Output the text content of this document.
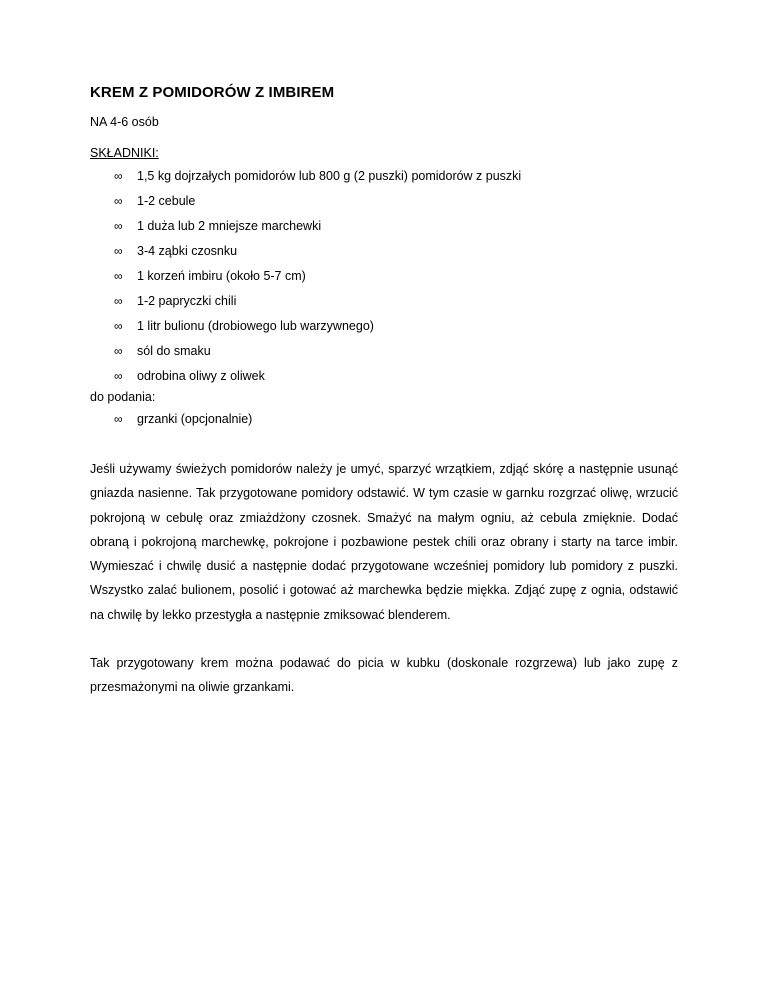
KREM Z POMIDORÓW Z IMBIREM
NA 4-6 osób
SKŁADNIKI:
∞ 1,5 kg dojrzałych pomidorów lub 800 g (2 puszki) pomidorów z puszki
∞ 1-2 cebule
∞ 1 duża lub 2 mniejsze marchewki
∞ 3-4 ząbki czosnku
∞ 1 korzeń imbiru (około 5-7 cm)
∞ 1-2 papryczki chili
∞ 1 litr bulionu (drobiowego lub warzywnego)
∞ sól do smaku
∞ odrobina oliwy z oliwek
do podania:
∞ grzanki (opcjonalnie)

Jeśli używamy świeżych pomidorów należy je umyć, sparzyć wrzątkiem, zdjąć skórę a następnie usunąć gniazda nasienne. Tak przygotowane pomidory odstawić. W tym czasie w garnku rozgrzać oliwę, wrzucić pokrojoną w cebulę oraz zmiażdżony czosnek. Smażyć na małym ogniu, aż cebula zmięknie. Dodać obraną i pokrojoną marchewkę, pokrojone i pozbawione pestek chili oraz obrany i starty na tarce imbir. Wymieszać i chwilę dusić a następnie dodać przygotowane wcześniej pomidory lub pomidory z puszki. Wszystko zalać bulionem, posolić i gotować aż marchewka będzie miękka. Zdjąć zupę z ognia, odstawić na chwilę by lekko przestygła a następnie zmiksować blenderem.

Tak przygotowany krem można podawać do picia w kubku (doskonale rozgrzewa) lub jako zupę z przesmażonymi na oliwie grzankami.
